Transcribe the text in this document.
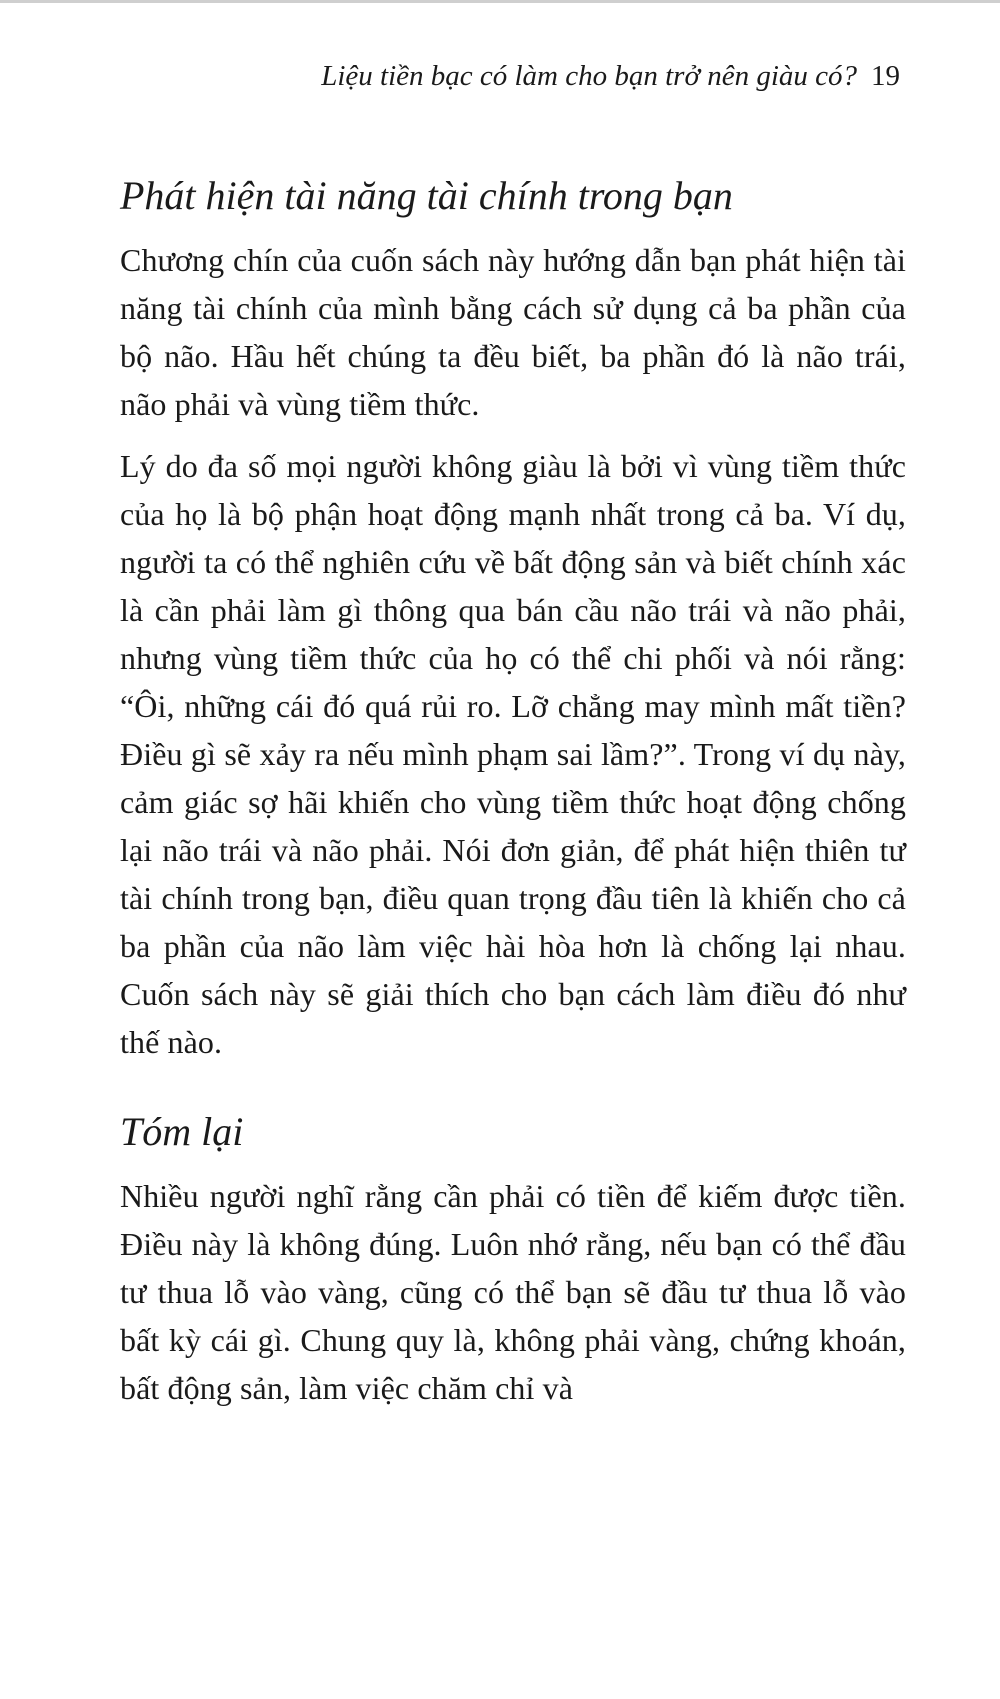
Liệu tiền bạc có làm cho bạn trở nên giàu có? 19
Phát hiện tài năng tài chính trong bạn

Chương chín của cuốn sách này hướng dẫn bạn phát hiện tài năng tài chính của mình bằng cách sử dụng cả ba phần của bộ não. Hầu hết chúng ta đều biết, ba phần đó là não trái, não phải và vùng tiềm thức.

Lý do đa số mọi người không giàu là bởi vì vùng tiềm thức của họ là bộ phận hoạt động mạnh nhất trong cả ba. Ví dụ, người ta có thể nghiên cứu về bất động sản và biết chính xác là cần phải làm gì thông qua bán cầu não trái và não phải, nhưng vùng tiềm thức của họ có thể chi phối và nói rằng: “Ôi, những cái đó quá rủi ro. Lỡ chẳng may mình mất tiền? Điều gì sẽ xảy ra nếu mình phạm sai lầm?”. Trong ví dụ này, cảm giác sợ hãi khiến cho vùng tiềm thức hoạt động chống lại não trái và não phải. Nói đơn giản, để phát hiện thiên tư tài chính trong bạn, điều quan trọng đầu tiên là khiến cho cả ba phần của não làm việc hài hòa hơn là chống lại nhau. Cuốn sách này sẽ giải thích cho bạn cách làm điều đó như thế nào.

Tóm lại

Nhiều người nghĩ rằng cần phải có tiền để kiếm được tiền. Điều này là không đúng. Luôn nhớ rằng, nếu bạn có thể đầu tư thua lỗ vào vàng, cũng có thể bạn sẽ đầu tư thua lỗ vào bất kỳ cái gì. Chung quy là, không phải vàng, chứng khoán, bất động sản, làm việc chăm chỉ và
